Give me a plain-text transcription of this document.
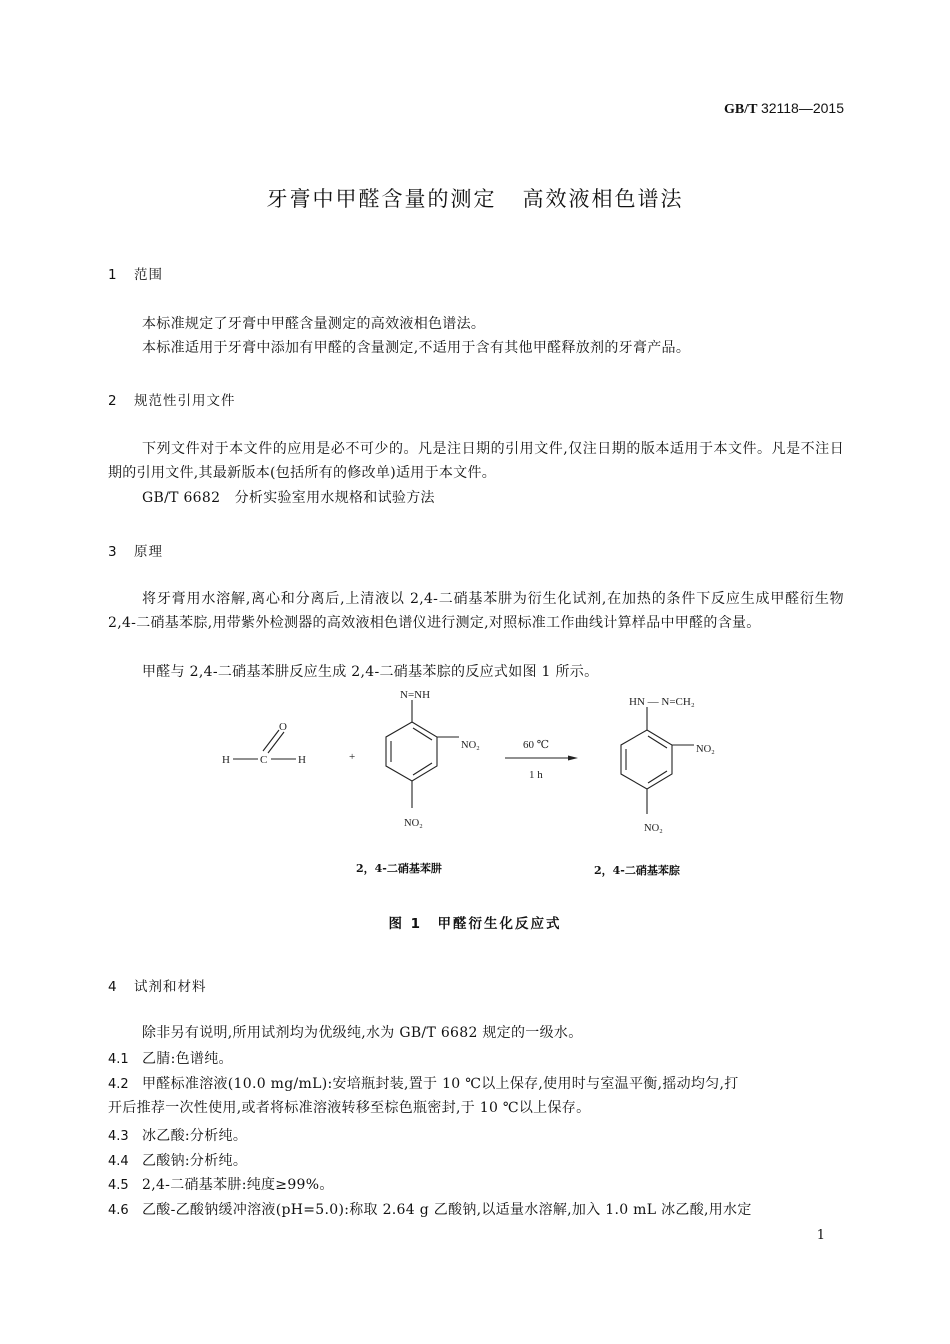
GB/T 32118—2015
牙膏中甲醛含量的测定 高效液相色谱法
1 范围
本标准规定了牙膏中甲醛含量测定的高效液相色谱法。
本标准适用于牙膏中添加有甲醛的含量测定,不适用于含有其他甲醛释放剂的牙膏产品。
2 规范性引用文件
下列文件对于本文件的应用是必不可少的。凡是注日期的引用文件,仅注日期的版本适用于本文件。凡是不注日期的引用文件,其最新版本(包括所有的修改单)适用于本文件。
GB/T 6682　分析实验室用水规格和试验方法
3 原理
将牙膏用水溶解,离心和分离后,上清液以 2,4-二硝基苯肼为衍生化试剂,在加热的条件下反应生成甲醛衍生物 2,4-二硝基苯腙,用带紫外检测器的高效液相色谱仪进行测定,对照标准工作曲线计算样品中甲醛的含量。
甲醛与 2,4-二硝基苯肼反应生成 2,4-二硝基苯腙的反应式如图 1 所示。
H	C	H
O
+
N=NH
NO₂
NO₂
60 ℃
1 h
HN — N=CH₂
NO₂
NO₂
2，4-二硝基苯肼	2，4-二硝基苯腙
图 1　甲醛衍生化反应式
4 试剂和材料
除非另有说明,所用试剂均为优级纯,水为 GB/T 6682 规定的一级水。
4.1 乙腈:色谱纯。
4.2 甲醛标准溶液(10.0 mg/mL):安培瓶封装,置于 10 ℃以上保存,使用时与室温平衡,摇动均匀,打
开后推荐一次性使用,或者将标准溶液转移至棕色瓶密封,于 10 ℃以上保存。
4.3 冰乙酸:分析纯。
4.4 乙酸钠:分析纯。
4.5 2,4-二硝基苯肼:纯度≥99%。
4.6 乙酸-乙酸钠缓冲溶液(pH=5.0):称取 2.64 g 乙酸钠,以适量水溶解,加入 1.0 mL 冰乙酸,用水定
1
